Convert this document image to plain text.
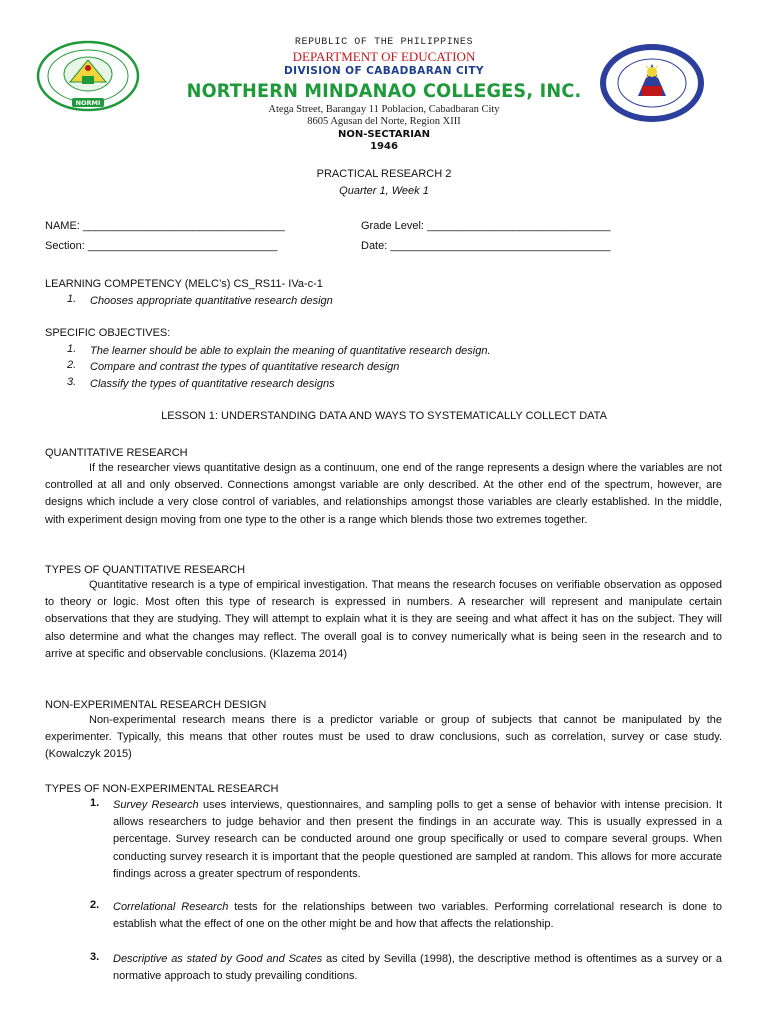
NORMI
REPUBLIC OF THE PHILIPPINES
DEPARTMENT OF EDUCATION
DIVISION OF CABADBARAN CITY
NORTHERN MINDANAO COLLEGES, INC.
Atega Street, Barangay 11 Poblacion, Cabadbaran City
8605 Agusan del Norte, Region XIII
NON-SECTARIAN
1946
PRACTICAL RESEARCH 2
Quarter 1, Week 1
NAME: _________________________________	Grade Level: ______________________________
Section: _______________________________	Date: ____________________________________
LEARNING COMPETENCY (MELC’s) CS_RS11- IVa-c-1
1. Chooses appropriate quantitative research design
SPECIFIC OBJECTIVES:
1. The learner should be able to explain the meaning of quantitative research design.
2. Compare and contrast the types of quantitative research design
3. Classify the types of quantitative research designs
LESSON 1: UNDERSTANDING DATA AND WAYS TO SYSTEMATICALLY COLLECT DATA
QUANTITATIVE RESEARCH
If the researcher views quantitative design as a continuum, one end of the range represents a design where the variables are not controlled at all and only observed. Connections amongst variable are only described. At the other end of the spectrum, however, are designs which include a very close control of variables, and relationships amongst those variables are clearly established. In the middle, with experiment design moving from one type to the other is a range which blends those two extremes together.
TYPES OF QUANTITATIVE RESEARCH
Quantitative research is a type of empirical investigation. That means the research focuses on verifiable observation as opposed to theory or logic. Most often this type of research is expressed in numbers. A researcher will represent and manipulate certain observations that they are studying. They will attempt to explain what it is they are seeing and what affect it has on the subject. They will also determine and what the changes may reflect. The overall goal is to convey numerically what is being seen in the research and to arrive at specific and observable conclusions. (Klazema 2014)
NON-EXPERIMENTAL RESEARCH DESIGN
Non-experimental research means there is a predictor variable or group of subjects that cannot be manipulated by the experimenter. Typically, this means that other routes must be used to draw conclusions, such as correlation, survey or case study. (Kowalczyk 2015)
TYPES OF NON-EXPERIMENTAL RESEARCH
1. Survey Research uses interviews, questionnaires, and sampling polls to get a sense of behavior with intense precision. It allows researchers to judge behavior and then present the findings in an accurate way. This is usually expressed in a percentage. Survey research can be conducted around one group specifically or used to compare several groups. When conducting survey research it is important that the people questioned are sampled at random. This allows for more accurate findings across a greater spectrum of respondents.
2. Correlational Research tests for the relationships between two variables. Performing correlational research is done to establish what the effect of one on the other might be and how that affects the relationship.
3. Descriptive as stated by Good and Scates as cited by Sevilla (1998), the descriptive method is oftentimes as a survey or a normative approach to study prevailing conditions.
